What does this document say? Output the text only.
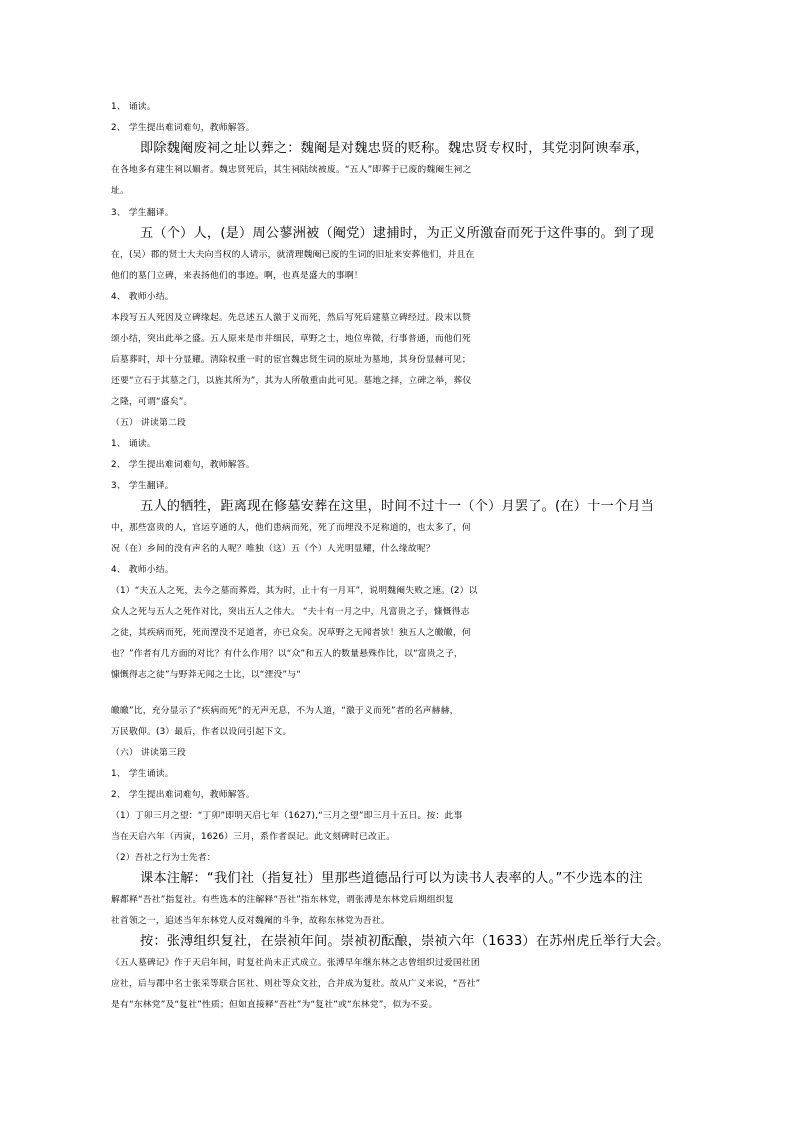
1、 诵读。
2、 学生提出难词难句，教师解答。
即除魏阉废祠之址以葬之：魏阉是对魏忠贤的贬称。魏忠贤专权时，其党羽阿谀奉承，
在各地多有建生祠以媚者。魏忠贤死后，其生祠陆续被废。“五人”即葬于已废的魏阉生祠之
址。
3、 学生翻译。
五（个）人，(是）周公蓼洲被（阉党）逮捕时，为正义所激奋而死于这件事的。到了现
在，(吴）郡的贤士大夫向当权的人请示，就清理魏阉已废的生词的旧址来安葬他们，并且在
他们的墓门立碑，来表扬他们的事迹。啊，也真是盛大的事啊！
4、 教师小结。
本段写五人死因及立碑缘起。先总述五人激于义而死，然后写死后建墓立碑经过。段末以赞
颂小结，突出此举之盛。五人原来是市井细民，草野之士，地位卑微，行事普通，而他们死
后墓葬时，却十分显耀。清除权重一时的宦官魏忠贤生词的原址为墓地，其身份显赫可见；
还要“立石于其墓之门，以旌其所为”，其为人所敬重由此可见。墓地之择，立碑之举，葬仪
之隆，可谓“盛矣”。
（五） 讲读第二段
1、 诵读。
2、 学生提出难词难句，教师解答。
3、 学生翻译。
五人的牺牲，距离现在修墓安葬在这里，时间不过十一（个）月罢了。(在）十一个月当
中，那些富贵的人，官运亨通的人，他们患病而死，死了而埋没不足称道的，也太多了，何
况（在）乡间的没有声名的人呢？唯独（这）五（个）人光明显耀，什么缘故呢？
4、 教师小结。
（1）“夫五人之死，去今之墓而葬焉，其为时，止十有一月耳”，说明魏阉失败之速。(2）以
众人之死与五人之死作对比，突出五人之伟大。 “夫十有一月之中，凡富贵之子，慷慨得志
之徒，其疾病而死，死而湮没不足道者，亦已众矣。况草野之无闻者欤！独五人之皦皦，何
也？”作者有几方面的对比？有什么作用？以“众”和五人的数量悬殊作比，以“富贵之子，
慷慨得志之徒”与野莽无闻之士比，以“湮没”与“
皦皦”比，充分显示了“疾病而死”的无声无息，不为人道，“激于义而死”者的名声赫赫，
万民敬仰。(3）最后，作者以设问引起下文。
（六） 讲读第三段
1、 学生诵读。
2、 学生提出难词难句，教师解答。
（1）丁卯三月之望：“丁卯”即明天启七年（1627),“三月之望”即三月十五日。按：此事
当在天启六年（丙寅，1626）三月，系作者误记。此文刻碑时已改正。
（2）吾社之行为士先者：
课本注解：“我们社（指复社）里那些道德品行可以为读书人表率的人。”不少选本的注
解都释“吾社”指复社。有些选本的注解释“吾社”指东林党，谓张溥是东林党后期组织复
社首领之一，追述当年东林党人反对魏阉的斗争，故称东林党为吾社。
按：张溥组织复社，在崇祯年间。崇祯初酝酿，崇祯六年（1633）在苏州虎丘举行大会。
《五人墓碑记》作于天启年间，时复社尚未正式成立。张溥早年继东林之志曾组织过爱国社团
应社，后与郡中名士张采等联合匡社、则社等众文社，合并成为复社。故从广义来说，“吾社”
是有“东林党”及“复社”性质；但如直接释“吾社”为“复社”或“东林党”，似为不妥。
